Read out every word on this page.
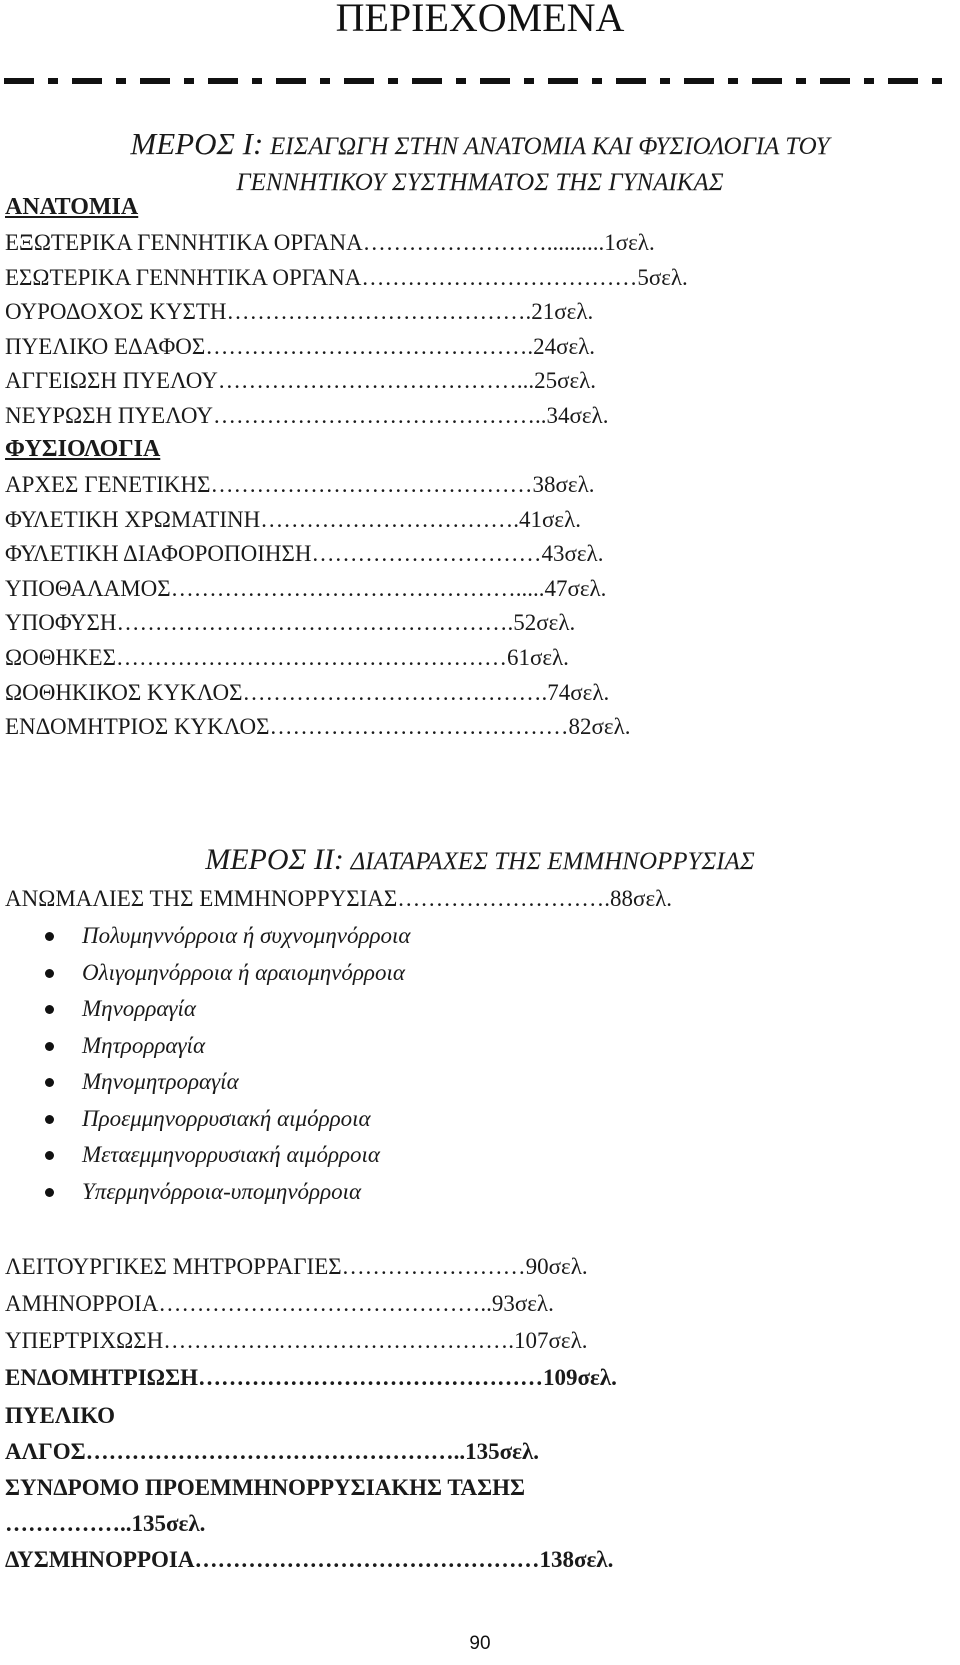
ΠΕΡΙΕΧΟΜΕΝΑ
ΜΕΡΟΣ Ι: ΕΙΣΑΓΩΓΗ ΣΤΗΝ ΑΝΑΤΟΜΙΑ ΚΑΙ ΦΥΣΙΟΛΟΓΙΑ ΤΟΥ
ΓΕΝΝΗΤΙΚΟΥ ΣΥΣΤΗΜΑΤΟΣ ΤΗΣ ΓΥΝΑΙΚΑΣ
ΑΝΑΤΟΜΙΑ
ΕΞΩΤΕΡΙΚΑ ΓΕΝΝΗΤΙΚΑ ΟΡΓΑΝΑ……………………..........1σελ.
ΕΣΩΤΕΡΙΚΑ ΓΕΝΝΗΤΙΚΑ ΟΡΓΑΝΑ………………………………5σελ.
ΟΥΡΟΔΟΧΟΣ ΚΥΣΤΗ………………………………….21σελ.
ΠΥΕΛΙΚΟ ΕΔΑΦΟΣ…………………………………….24σελ.
ΑΓΓΕΙΩΣΗ ΠΥΕΛΟΥ…………………………………...25σελ.
ΝΕΥΡΩΣΗ ΠΥΕΛΟΥ……………………………………..34σελ.
ΦΥΣΙΟΛΟΓΙΑ
ΑΡΧΕΣ ΓΕΝΕΤΙΚΗΣ……………………………………38σελ.
ΦΥΛΕΤΙΚΗ ΧΡΩΜΑΤΙΝΗ…………………………….41σελ.
ΦΥΛΕΤΙΚΗ ΔΙΑΦΟΡΟΠΟΙΗΣΗ…………………………43σελ.
ΥΠΟΘΑΛΑΜΟΣ……………………………………….....47σελ.
ΥΠΟΦΥΣΗ…………………………………………….52σελ.
ΩΟΘΗΚΕΣ……………………………………………61σελ.
ΩΟΘΗΚΙΚΟΣ ΚΥΚΛΟΣ………………………………….74σελ.
ΕΝΔΟΜΗΤΡΙΟΣ ΚΥΚΛΟΣ…………………………………82σελ.
ΜΕΡΟΣ ΙΙ: ΔΙΑΤΑΡΑΧΕΣ ΤΗΣ ΕΜΜΗΝΟΡΡΥΣΙΑΣ
ΑΝΩΜΑΛΙΕΣ ΤΗΣ ΕΜΜΗΝΟΡΡΥΣΙΑΣ……………………….88σελ.
Πολυμηννόρροια ή συχνομηνόρροια
Ολιγομηνόρροια ή αραιομηνόρροια
Μηνορραγία
Μητρορραγία
Μηνομητροραγία
Προεμμηνορρυσιακή αιμόρροια
Μεταεμμηνορρυσιακή αιμόρροια
Υπερμηνόρροια-υπομηνόρροια
ΛΕΙΤΟΥΡΓΙΚΕΣ ΜΗΤΡΟΡΡΑΓΙΕΣ……………………90σελ.
ΑΜΗΝΟΡΡΟΙΑ……………………………………..93σελ.
ΥΠΕΡΤΡΙΧΩΣΗ……………………………………….107σελ.
ΕΝΔΟΜΗΤΡΙΩΣΗ………………………………………109σελ.
ΠΥΕΛΙΚΟ
ΑΛΓΟΣ…………………………………………..135σελ.
ΣΥΝΔΡΟΜΟ ΠΡΟΕΜΜΗΝΟΡΡΥΣΙΑΚΗΣ ΤΑΣΗΣ
……………..135σελ.
ΔΥΣΜΗΝΟΡΡΟΙΑ………………………………………138σελ.
90
